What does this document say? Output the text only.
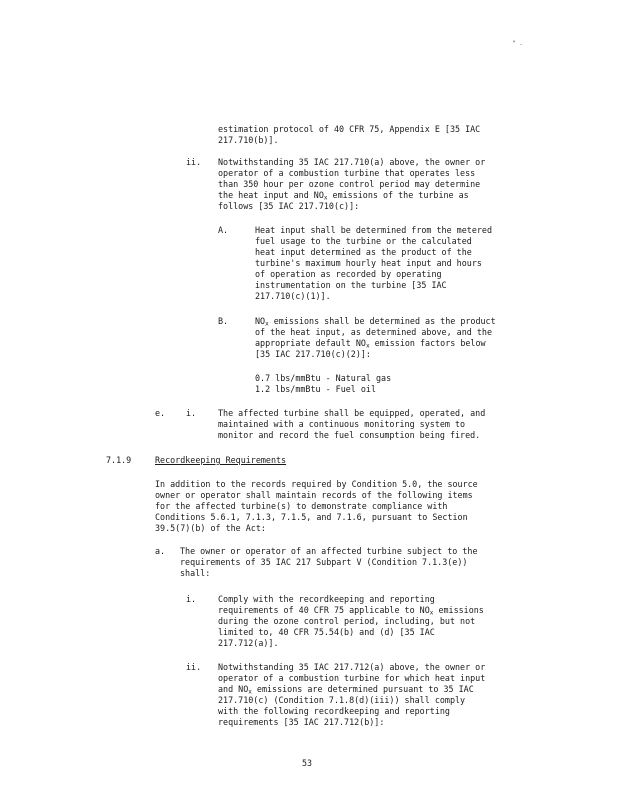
" .
estimation protocol of 40 CFR 75, Appendix E [35 IAC
217.710(b)].
ii. Notwithstanding 35 IAC 217.710(a) above, the owner or
operator of a combustion turbine that operates less
than 350 hour per ozone control period may determine
the heat input and $NO_x$ emissions of the turbine as
follows [35 IAC 217.710(c)]:
A.	Heat input shall be determined from the metered
fuel usage to the turbine or the calculated
heat input determined as the product of the
turbine's maximum hourly heat input and hours
of operation as recorded by operating
instrumentation on the turbine [35 IAC
217.710(c)(1)].
B.	$NO_x$ emissions shall be determined as the product
of the heat input, as determined above, and the
appropriate default $NO_x$ emission factors below
[35 IAC 217.710(c)(2)]:
0.7 lbs/mmBtu - Natural gas
1.2 lbs/mmBtu - Fuel oil
e. i.	The affected turbine shall be equipped, operated, and
maintained with a continuous monitoring system to
monitor and record the fuel consumption being fired.
7.1.9	Recordkeeping Requirements
In addition to the records required by Condition 5.0, the source
owner or operator shall maintain records of the following items
for the affected turbine(s) to demonstrate compliance with
Conditions 5.6.1, 7.1.3, 7.1.5, and 7.1.6, pursuant to Section
39.5(7)(b) of the Act:
a. The owner or operator of an affected turbine subject to the
requirements of 35 IAC 217 Subpart V (Condition 7.1.3(e))
shall:
i.	Comply with the recordkeeping and reporting
requirements of 40 CFR 75 applicable to $NO_x$ emissions
during the ozone control period, including, but not
limited to, 40 CFR 75.54(b) and (d) [35 IAC
217.712(a)].
ii. Notwithstanding 35 IAC 217.712(a) above, the owner or
operator of a combustion turbine for which heat input
and $NO_x$ emissions are determined pursuant to 35 IAC
217.710(c) (Condition 7.1.8(d)(iii)) shall comply
with the following recordkeeping and reporting
requirements [35 IAC 217.712(b)]:
53
